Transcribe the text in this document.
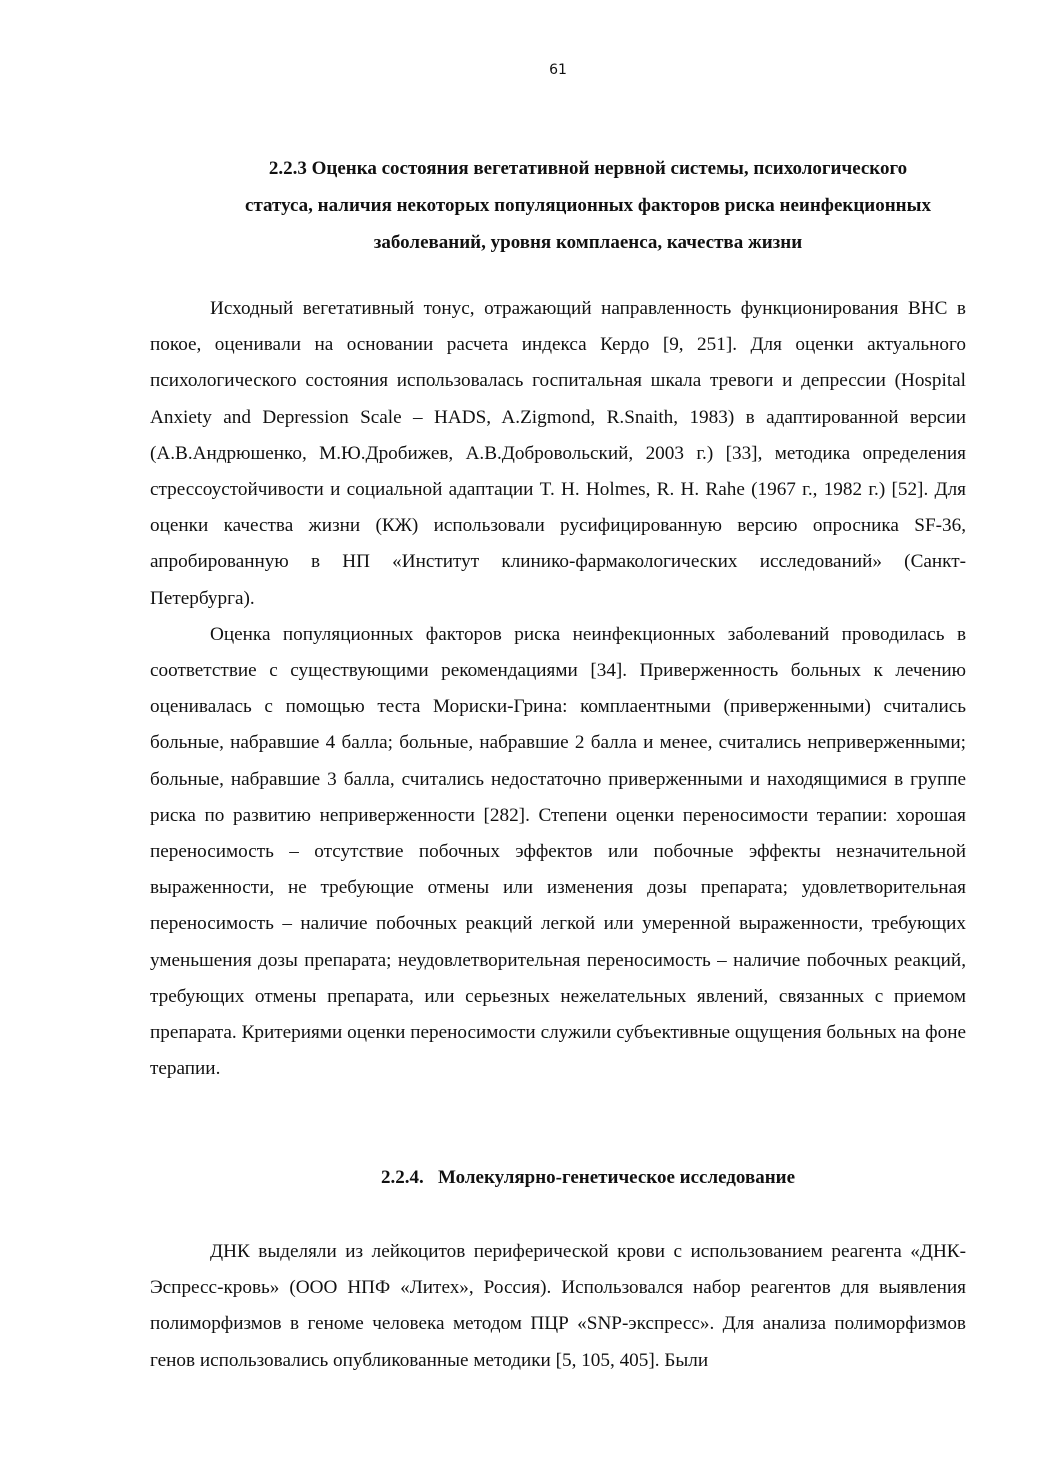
61
2.2.3 Оценка состояния вегетативной нервной системы, психологического
статуса, наличия некоторых популяционных факторов риска неинфекционных
заболеваний, уровня комплаенса, качества жизни

Исходный вегетативный тонус, отражающий направленность функционирования ВНС в покое, оценивали на основании расчета индекса Кердо [9, 251]. Для оценки актуального психологического состояния использовалась госпитальная шкала тревоги и депрессии (Hospital Anxiety and Depression Scale – HADS, A.Zigmond, R.Snaith, 1983) в адаптированной версии (А.В.Андрюшенко, М.Ю.Дробижев, А.В.Добровольский, 2003 г.) [33], методика определения стрессоустойчивости и социальной адаптации T. H. Holmes, R. H. Rahe (1967 г., 1982 г.) [52]. Для оценки качества жизни (КЖ) использовали русифицированную версию опросника SF-36, апробированную в НП «Институт клинико-фармакологических исследований» (Санкт-Петербурга).

Оценка популяционных факторов риска неинфекционных заболеваний проводилась в соответствие с существующими рекомендациями [34]. Приверженность больных к лечению оценивалась с помощью теста Мориски-Грина: комплаентными (приверженными) считались больные, набравшие 4 балла; больные, набравшие 2 балла и менее, считались неприверженными; больные, набравшие 3 балла, считались недостаточно приверженными и находящимися в группе риска по развитию неприверженности [282]. Степени оценки переносимости терапии: хорошая переносимость – отсутствие побочных эффектов или побочные эффекты незначительной выраженности, не требующие отмены или изменения дозы препарата; удовлетворительная переносимость – наличие побочных реакций легкой или умеренной выраженности, требующих уменьшения дозы препарата; неудовлетворительная переносимость – наличие побочных реакций, требующих отмены препарата, или серьезных нежелательных явлений, связанных с приемом препарата. Критериями оценки переносимости служили субъективные ощущения больных на фоне терапии.

2.2.4.   Молекулярно-генетическое исследование

ДНК выделяли из лейкоцитов периферической крови с использованием реагента «ДНК-Эспресс-кровь» (ООО НПФ «Литех», Россия). Использовался набор реагентов для выявления полиморфизмов в геноме человека методом ПЦР «SNP-экспресс». Для анализа полиморфизмов генов использовались опубликованные методики [5, 105, 405]. Были
